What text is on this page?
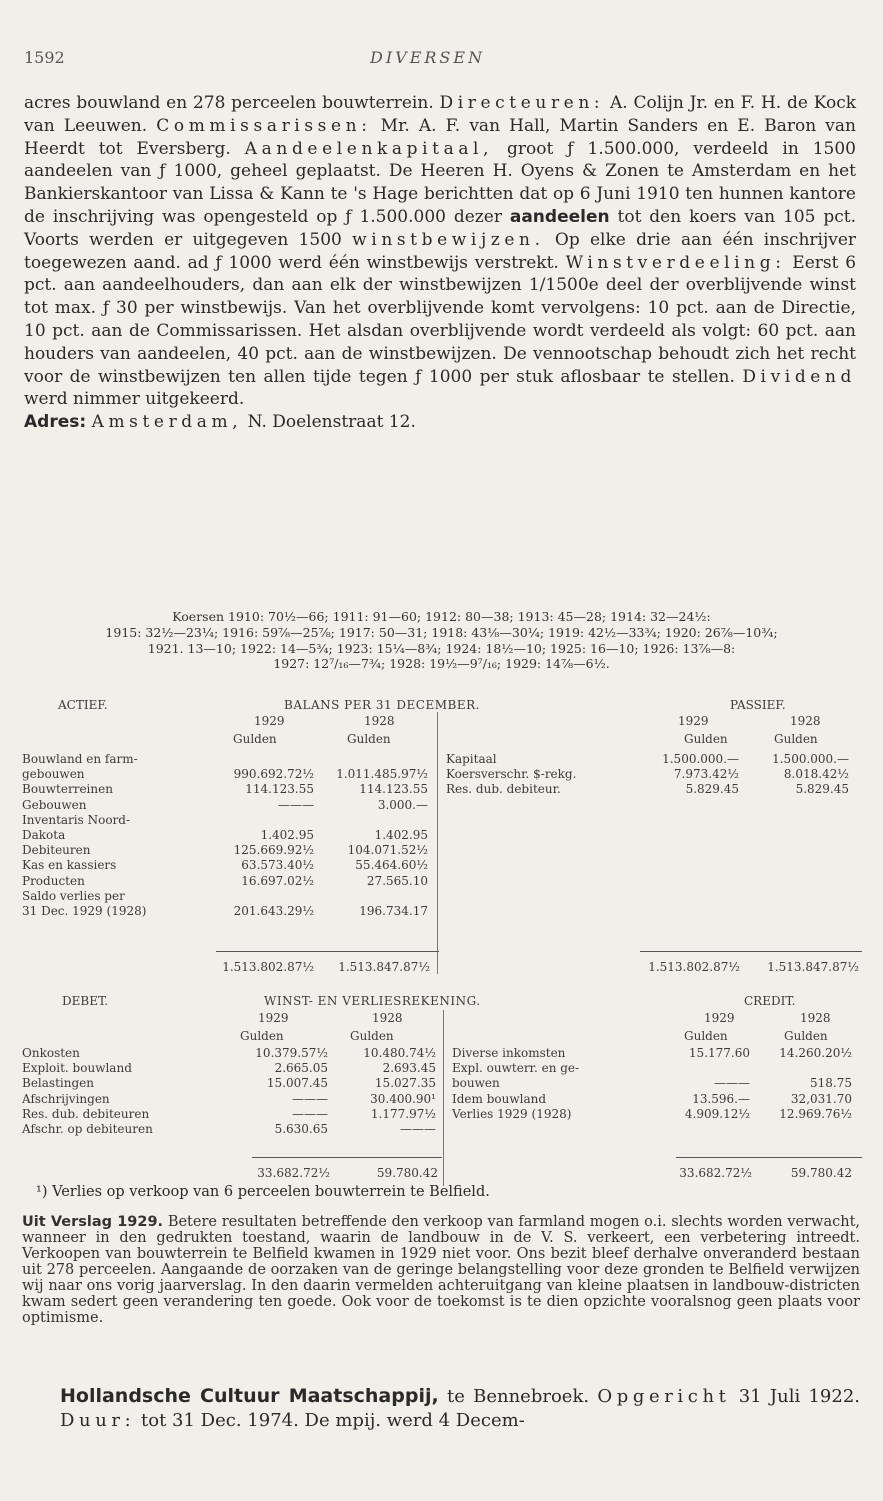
1592	DIVERSEN

acres bouwland en 278 perceelen bouwterrein. Directeuren: A. Colijn Jr. en F. H. de Kock van Leeuwen. Commissarissen: Mr. A. F. van Hall, Martin Sanders en E. Baron van Heerdt tot Eversberg. Aandeelenkapitaal, groot ƒ 1.500.000, verdeeld in 1500 aandeelen van ƒ 1000, geheel geplaatst. De Heeren H. Oyens & Zonen te Amsterdam en het Bankierskantoor van Lissa & Kann te 's Hage berichtten dat op 6 Juni 1910 ten hunnen kantore de inschrijving was opengesteld op ƒ 1.500.000 dezer aandeelen tot den koers van 105 pct. Voorts werden er uitgegeven 1500 winstbewijzen. Op elke drie aan één inschrijver toegewezen aand. ad ƒ 1000 werd één winstbewijs verstrekt. Winstverdeeling: Eerst 6 pct. aan aandeelhouders, dan aan elk der winstbewijzen 1/1500e deel der overblijvende winst tot max. ƒ 30 per winstbewijs. Van het overblijvende komt vervolgens: 10 pct. aan de Directie, 10 pct. aan de Commissarissen. Het alsdan overblijvende wordt verdeeld als volgt: 60 pct. aan houders van aandeelen, 40 pct. aan de winstbewijzen. De vennootschap behoudt zich het recht voor de winstbewijzen ten allen tijde tegen ƒ 1000 per stuk aflosbaar te stellen. Dividend werd nimmer uitgekeerd.

Adres: Amsterdam, N. Doelenstraat 12.

Koersen 1910: 70½—66; 1911: 91—60; 1912: 80—38; 1913: 45—28; 1914: 32—24½:
1915: 32½—23¼; 1916: 59⅞—25⅞; 1917: 50—31; 1918: 43⅛—30¼; 1919: 42½—33¾; 1920: 26⅞—10¾;
1921. 13—10; 1922: 14—5¾; 1923: 15¼—8¾; 1924: 18½—10; 1925: 16—10; 1926: 13⅞—8:
1927: 12⁷/₁₆—7¾; 1928: 19½—9⁷/₁₆; 1929: 14⅞—6½.
ACTIEF.	BALANS PER 31 DECEMBER.	PASSIEF.
1929	1928
Gulden	Gulden
1929	1928
Gulden	Gulden
Bouwland en farm-
gebouwen	990.692.72½	1.011.485.97½
Bouwterreinen	114.123.55	114.123.55
Gebouwen	———	3.000.—
Inventaris Noord-
Dakota	1.402.95	1.402.95
Debiteuren	125.669.92½	104.071.52½
Kas en kassiers	63.573.40½	55.464.60½
Producten	16.697.02½	27.565.10
Saldo verlies per
31 Dec. 1929 (1928)	201.643.29½	196.734.17
Kapitaal	1.500.000.—	1.500.000.—
Koersverschr. $-rekg.	7.973.42½	8.018.42½
Res. dub. debiteur.	5.829.45	5.829.45
1.513.802.87½	1.513.847.87½	1.513.802.87½	1.513.847.87½
DEBET.	WINST- EN VERLIESREKENING.	CREDIT.
1929	1928
Gulden	Gulden
1929	1928
Gulden	Gulden
Onkosten	10.379.57½	10.480.74½
Exploit. bouwland	2.665.05	2.693.45
Belastingen	15.007.45	15.027.35
Afschrijvingen	———	30.400.90¹
Res. dub. debiteuren	———	1.177.97½
Afschr. op debiteuren	5.630.65	———
Diverse inkomsten	15.177.60	14.260.20½
Expl. ouwterr. en ge-
bouwen	———	518.75
Idem bouwland	13.596.—	32,031.70
Verlies 1929 (1928)	4.909.12½	12.969.76½
33.682.72½	59.780.42	33.682.72½	59.780.42
¹) Verlies op verkoop van 6 perceelen bouwterrein te Belfield.

Uit Verslag 1929. Betere resultaten betreffende den verkoop van farmland mogen o.i. slechts worden verwacht, wanneer in den gedrukten toestand, waarin de landbouw in de V. S. verkeert, een verbetering intreedt. Verkoopen van bouwterrein te Belfield kwamen in 1929 niet voor. Ons bezit bleef derhalve onveranderd bestaan uit 278 perceelen. Aangaande de oorzaken van de geringe belangstelling voor deze gronden te Belfield verwijzen wij naar ons vorig jaarverslag. In den daarin vermelden achteruitgang van kleine plaatsen in landbouw-districten kwam sedert geen verandering ten goede. Ook voor de toekomst is te dien opzichte vooralsnog geen plaats voor optimisme.

Hollandsche Cultuur Maatschappij, te Bennebroek. Opgericht 31 Juli 1922. Duur: tot 31 Dec. 1974. De mpij. werd 4 Decem-
